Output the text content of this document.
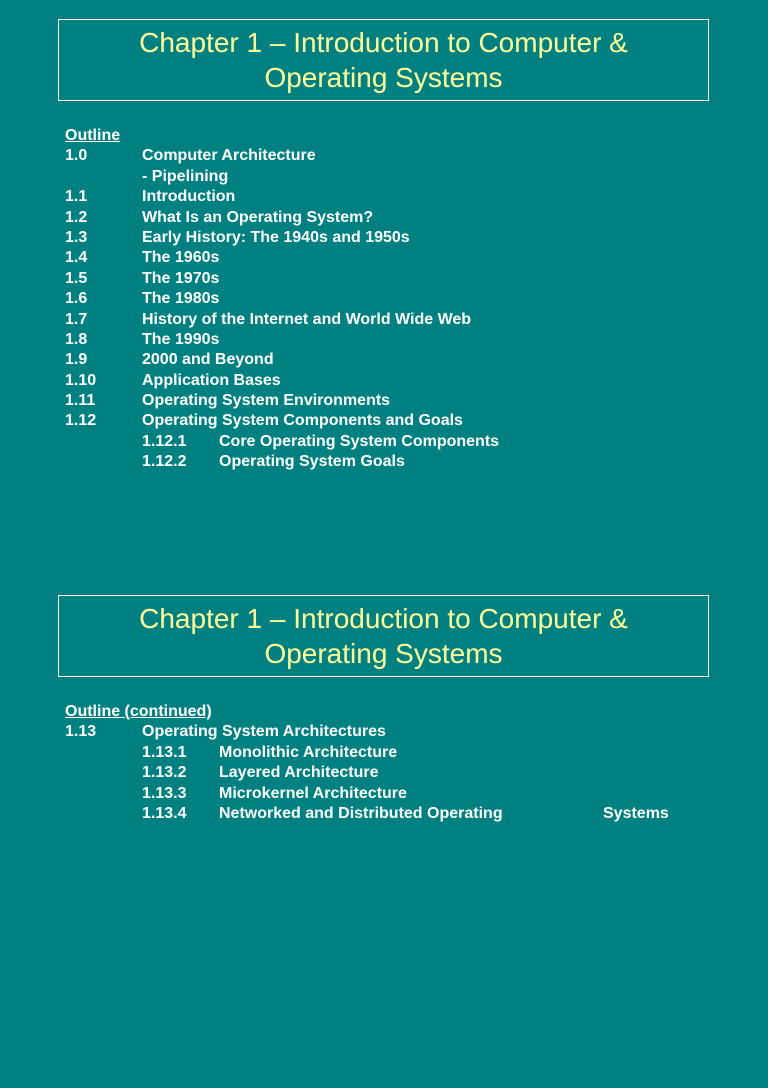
Chapter 1 – Introduction to Computer &
Operating Systems
Outline
1.0	Computer Architecture
- Pipelining
1.1	Introduction
1.2	What Is an Operating System?
1.3	Early History: The 1940s and 1950s
1.4	The 1960s
1.5	The 1970s
1.6	The 1980s
1.7	History of the Internet and World Wide Web
1.8	The 1990s
1.9	2000 and Beyond
1.10	Application Bases
1.11	Operating System Environments
1.12	Operating System Components and Goals
1.12.1 Core Operating System Components
1.12.2 Operating System Goals
Chapter 1 – Introduction to Computer &
Operating Systems
Outline (continued)
1.13	Operating System Architectures
1.13.1 Monolithic Architecture
1.13.2 Layered Architecture
1.13.3 Microkernel Architecture
1.13.4 Networked and Distributed Operating	Systems
